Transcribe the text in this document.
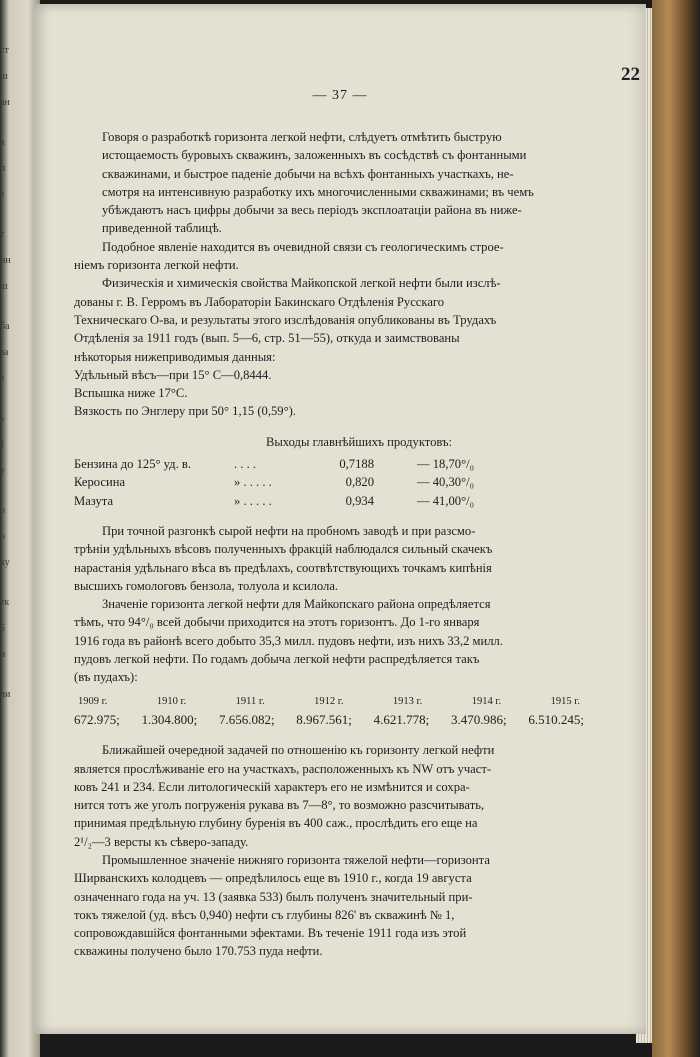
ст
ш
ан
а
п
з
т
ин
ш
ба
за
е
ь
1
у
о
о
ку
тк
5
и
ли
— 37 —
22
Говоря о разработкѣ горизонта легкой нефти, слѣдуетъ отмѣтить быструю
истощаемость буровыхъ скважинъ, заложенныхъ въ сосѣдствѣ съ фонтанными
скважинами, и быстрое паденіе добычи на всѣхъ фонтанныхъ участкахъ, не-
смотря на интенсивную разработку ихъ многочисленными скважинами; въ чемъ
убѣждаютъ насъ цифры добычи за весь періодъ эксплоатаціи района въ ниже-
приведенной таблицѣ.
Подобное явленіе находится въ очевидной связи съ геологическимъ строе-
ніемъ горизонта легкой нефти.
Физическія и химическія свойства Майкопской легкой нефти были изслѣ-
дованы г. В. Герромъ въ Лабораторіи Бакинскаго Отдѣленія Русскаго
Техническаго О-ва, и результаты этого изслѣдованія опубликованы въ Трудахъ
Отдѣленія за 1911 годъ (вып. 5—6, стр. 51—55), откуда и заимствованы
нѣкоторыя нижеприводимыя данныя:
Удѣльный вѣсъ—при 15° С—0,8444.
Вспышка ниже 17°С.
Вязкость по Энглеру при 50° 1,15 (0,59°).
Выходы главнѣйшихъ продуктовъ:
Бензина до 125° уд. в.	. . . .	0,7188	— 18,70°/₀
Керосина	» . . . . .	0,820	— 40,30°/₀
Мазута	» . . . . .	0,934	— 41,00°/₀
При точной разгонкѣ сырой нефти на пробномъ заводѣ и при разсмо-
трѣніи удѣльныхъ вѣсовъ полученныхъ фракцій наблюдался сильный скачекъ
нарастанія удѣльнаго вѣса въ предѣлахъ, соотвѣтствующихъ точкамъ кипѣнія
высшихъ гомологовъ бензола, толуола и ксилола.
Значеніе горизонта легкой нефти для Майкопскаго района опредѣляется
тѣмъ, что 94°/₀ всей добычи приходится на этотъ горизонтъ. До 1-го января
1916 года въ районѣ всего добыто 35,3 милл. пудовъ нефти, изъ нихъ 33,2 милл.
пудовъ легкой нефти. По годамъ добыча легкой нефти распредѣляется такъ
(въ пудахъ):
1909 г.	1910 г.	1911 г.	1912 г.	1913 г.	1914 г.	1915 г.
672.975; 1.304.800; 7.656.082; 8.967.561; 4.621.778; 3.470.986; 6.510.245;
Ближайшей очередной задачей по отношенію къ горизонту легкой нефти
является прослѣживаніе его на участкахъ, расположенныхъ къ NW отъ участ-
ковъ 241 и 234. Если литологическій характеръ его не измѣнится и сохра-
нится тотъ же уголъ погруженія рукава въ 7—8°, то возможно разсчитывать,
принимая предѣльную глубину буренія въ 400 саж., прослѣдить его еще на
2¹/₂—3 версты къ сѣверо-западу.
Промышленное значеніе нижняго горизонта тяжелой нефти—горизонта
Ширванскихъ колодцевъ — опредѣлилось еще въ 1910 г., когда 19 августа
означеннаго года на уч. 13 (заявка 533) былъ полученъ значительный при-
токъ тяжелой (уд. вѣсъ 0,940) нефти съ глубины 826' въ скважинѣ № 1,
сопровождавшійся фонтанными эфектами. Въ теченіе 1911 года изъ этой
скважины получено было 170.753 пуда нефти.
